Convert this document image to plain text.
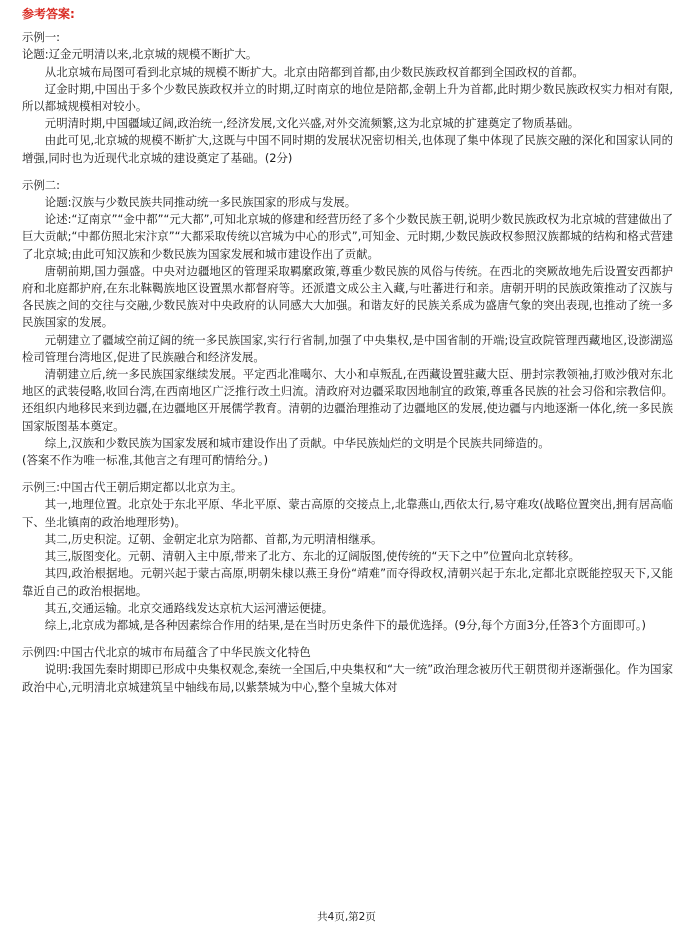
参考答案:

示例一:

论题:辽金元明清以来,北京城的规模不断扩大。

从北京城布局图可看到北京城的规模不断扩大。北京由陪都到首都,由少数民族政权首都到全国政权的首都。

辽金时期,中国出于多个少数民族政权并立的时期,辽时南京的地位是陪都,金朝上升为首都,此时期少数民族政权实力相对有限,所以都城规模相对较小。

元明清时期,中国疆域辽阔,政治统一,经济发展,文化兴盛,对外交流频繁,这为北京城的扩建奠定了物质基础。

由此可见,北京城的规模不断扩大,这既与中国不同时期的发展状况密切相关,也体现了集中体现了民族交融的深化和国家认同的增强,同时也为近现代北京城的建设奠定了基础。(2分)

示例二:

论题:汉族与少数民族共同推动统一多民族国家的形成与发展。

论述:“辽南京”“金中都”“元大都”,可知北京城的修建和经营历经了多个少数民族王朝,说明少数民族政权为北京城的营建做出了巨大贡献;“中都仿照北宋汴京”“大都采取传统以宫城为中心的形式”,可知金、元时期,少数民族政权参照汉族都城的结构和格式营建了北京城;由此可知汉族和少数民族为国家发展和城市建设作出了贡献。

唐朝前期,国力强盛。中央对边疆地区的管理采取羁縻政策,尊重少数民族的风俗与传统。在西北的突厥故地先后设置安西都护府和北庭都护府,在东北靺鞨族地区设置黑水都督府等。还派遣文成公主入藏,与吐蕃进行和亲。唐朝开明的民族政策推动了汉族与各民族之间的交往与交融,少数民族对中央政府的认同感大大加强。和谐友好的民族关系成为盛唐气象的突出表现,也推动了统一多民族国家的发展。

元朝建立了疆域空前辽阔的统一多民族国家,实行行省制,加强了中央集权,是中国省制的开端;设宣政院管理西藏地区,设澎湖巡检司管理台湾地区,促进了民族融合和经济发展。

清朝建立后,统一多民族国家继续发展。平定西北准噶尔、大小和卓叛乱,在西藏设置驻藏大臣、册封宗教领袖,打败沙俄对东北地区的武装侵略,收回台湾,在西南地区广泛推行改土归流。清政府对边疆采取因地制宜的政策,尊重各民族的社会习俗和宗教信仰。还组织内地移民来到边疆,在边疆地区开展儒学教育。清朝的边疆治理推动了边疆地区的发展,使边疆与内地逐渐一体化,统一多民族国家版图基本奠定。

综上,汉族和少数民族为国家发展和城市建设作出了贡献。中华民族灿烂的文明是个民族共同缔造的。

(答案不作为唯一标准,其他言之有理可酌情给分。)

示例三:中国古代王朝后期定都以北京为主。

其一,地理位置。北京处于东北平原、华北平原、蒙古高原的交接点上,北靠燕山,西依太行,易守难攻(战略位置突出,拥有居高临下、坐北镇南的政治地理形势)。

其二,历史积淀。辽朝、金朝定北京为陪都、首都,为元明清相继承。

其三,版图变化。元朝、清朝入主中原,带来了北方、东北的辽阔版图,使传统的“天下之中”位置向北京转移。

其四,政治根据地。元朝兴起于蒙古高原,明朝朱棣以燕王身份“靖难”而夺得政权,清朝兴起于东北,定都北京既能控驭天下,又能靠近自己的政治根据地。

其五,交通运输。北京交通路线发达京杭大运河漕运便捷。

综上,北京成为都城,是各种因素综合作用的结果,是在当时历史条件下的最优选择。(9分,每个方面3分,任答3个方面即可。)

示例四:中国古代北京的城市布局蕴含了中华民族文化特色

说明:我国先秦时期即已形成中央集权观念,秦统一全国后,中央集权和“大一统”政治理念被历代王朝贯彻并逐渐强化。作为国家政治中心,元明清北京城建筑呈中轴线布局,以紫禁城为中心,整个皇城大体对

共4页,第2页
